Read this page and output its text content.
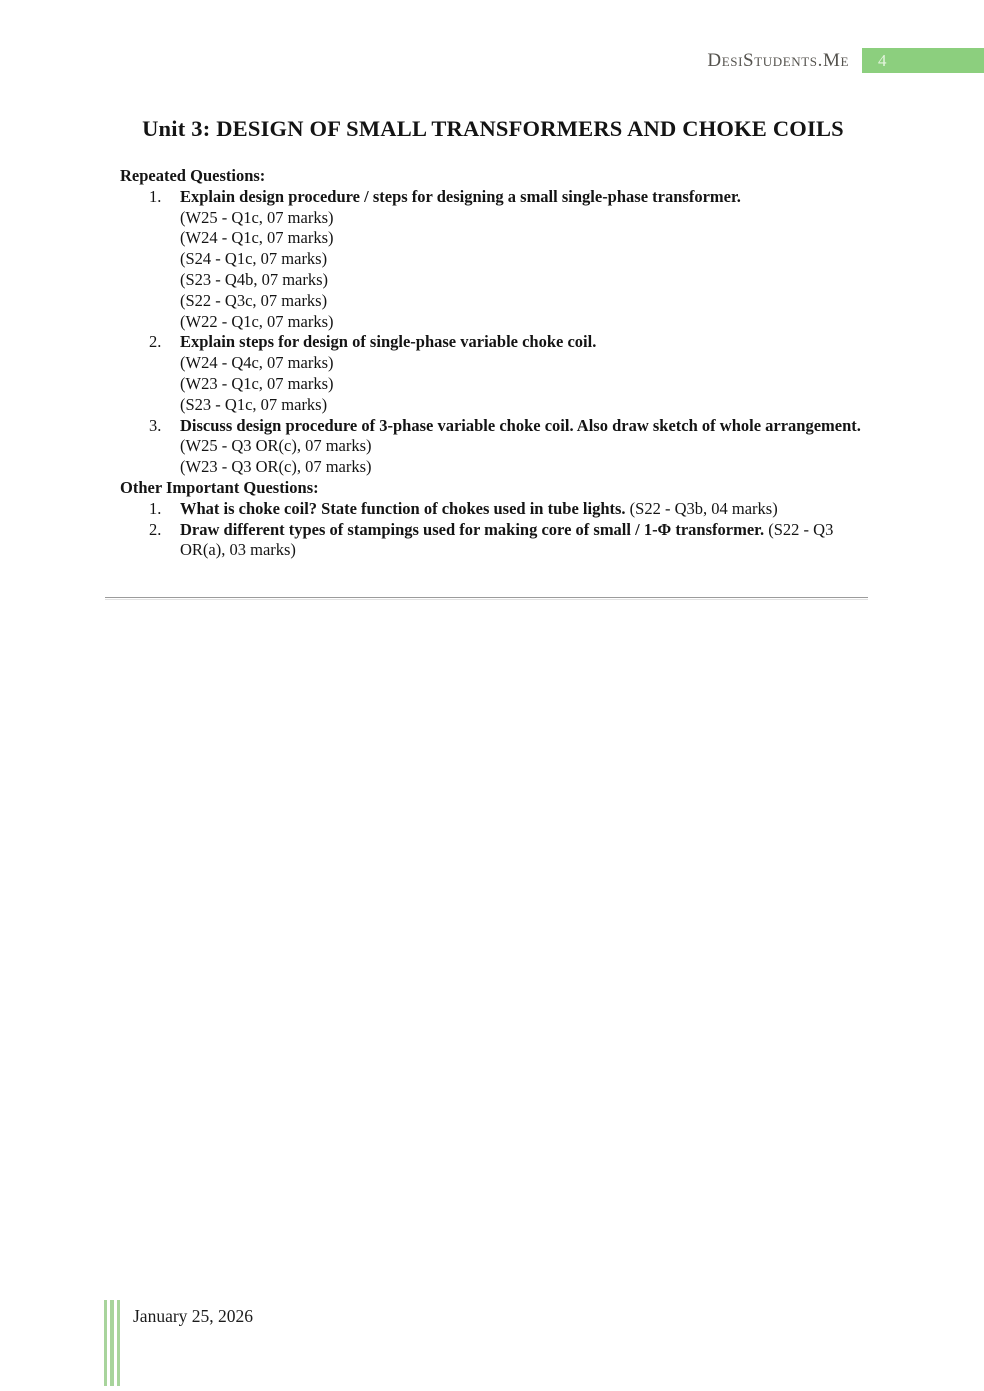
DesiStudents.Me	4
Unit 3: DESIGN OF SMALL TRANSFORMERS AND CHOKE COILS
Repeated Questions:
1.	Explain design procedure / steps for designing a small single-phase transformer.
(W25 - Q1c, 07 marks)
(W24 - Q1c, 07 marks)
(S24 - Q1c, 07 marks)
(S23 - Q4b, 07 marks)
(S22 - Q3c, 07 marks)
(W22 - Q1c, 07 marks)
2.	Explain steps for design of single-phase variable choke coil.
(W24 - Q4c, 07 marks)
(W23 - Q1c, 07 marks)
(S23 - Q1c, 07 marks)
3.	Discuss design procedure of 3-phase variable choke coil. Also draw sketch of whole arrangement.
(W25 - Q3 OR(c), 07 marks)
(W23 - Q3 OR(c), 07 marks)
Other Important Questions:
1.	What is choke coil? State function of chokes used in tube lights. (S22 - Q3b, 04 marks)
2.	Draw different types of stampings used for making core of small / 1-Φ transformer. (S22 - Q3 OR(a), 03 marks)
January 25, 2026
